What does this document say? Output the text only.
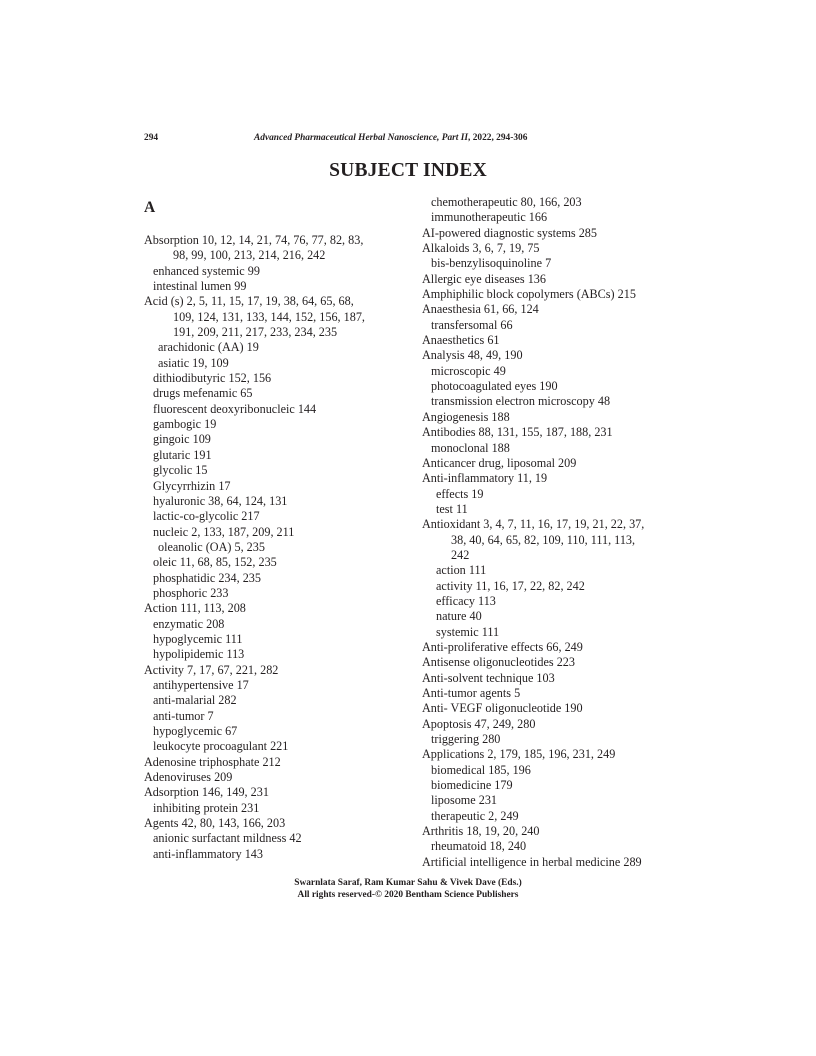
294	Advanced Pharmaceutical Herbal Nanoscience, Part II, 2022, 294-306
SUBJECT INDEX
A
Absorption 10, 12, 14, 21, 74, 76, 77, 82, 83,
98, 99, 100, 213, 214, 216, 242
enhanced systemic 99
intestinal lumen 99
Acid (s) 2, 5, 11, 15, 17, 19, 38, 64, 65, 68,
109, 124, 131, 133, 144, 152, 156, 187,
191, 209, 211, 217, 233, 234, 235
arachidonic (AA) 19
asiatic 19, 109
dithiodibutyric 152, 156
drugs mefenamic 65
fluorescent deoxyribonucleic 144
gambogic 19
gingoic 109
glutaric 191
glycolic 15
Glycyrrhizin 17
hyaluronic 38, 64, 124, 131
lactic-co-glycolic 217
nucleic 2, 133, 187, 209, 211
oleanolic (OA) 5, 235
oleic 11, 68, 85, 152, 235
phosphatidic 234, 235
phosphoric 233
Action 111, 113, 208
enzymatic 208
hypoglycemic 111
hypolipidemic 113
Activity 7, 17, 67, 221, 282
antihypertensive 17
anti-malarial 282
anti-tumor 7
hypoglycemic 67
leukocyte procoagulant 221
Adenosine triphosphate 212
Adenoviruses 209
Adsorption 146, 149, 231
inhibiting protein 231
Agents 42, 80, 143, 166, 203
anionic surfactant mildness 42
anti-inflammatory 143
chemotherapeutic 80, 166, 203
immunotherapeutic 166
AI-powered diagnostic systems 285
Alkaloids 3, 6, 7, 19, 75
bis-benzylisoquinoline 7
Allergic eye diseases 136
Amphiphilic block copolymers (ABCs) 215
Anaesthesia 61, 66, 124
transfersomal 66
Anaesthetics 61
Analysis 48, 49, 190
microscopic 49
photocoagulated eyes 190
transmission electron microscopy 48
Angiogenesis 188
Antibodies 88, 131, 155, 187, 188, 231
monoclonal 188
Anticancer drug, liposomal 209
Anti-inflammatory 11, 19
effects 19
test 11
Antioxidant 3, 4, 7, 11, 16, 17, 19, 21, 22, 37,
38, 40, 64, 65, 82, 109, 110, 111, 113,
242
action 111
activity 11, 16, 17, 22, 82, 242
efficacy 113
nature 40
systemic 111
Anti-proliferative effects 66, 249
Antisense oligonucleotides 223
Anti-solvent technique 103
Anti-tumor agents 5
Anti- VEGF oligonucleotide 190
Apoptosis 47, 249, 280
triggering 280
Applications 2, 179, 185, 196, 231, 249
biomedical 185, 196
biomedicine 179
liposome 231
therapeutic 2, 249
Arthritis 18, 19, 20, 240
rheumatoid 18, 240
Artificial intelligence in herbal medicine 289
Swarnlata Saraf, Ram Kumar Sahu & Vivek Dave (Eds.)
All rights reserved-© 2020 Bentham Science Publishers
